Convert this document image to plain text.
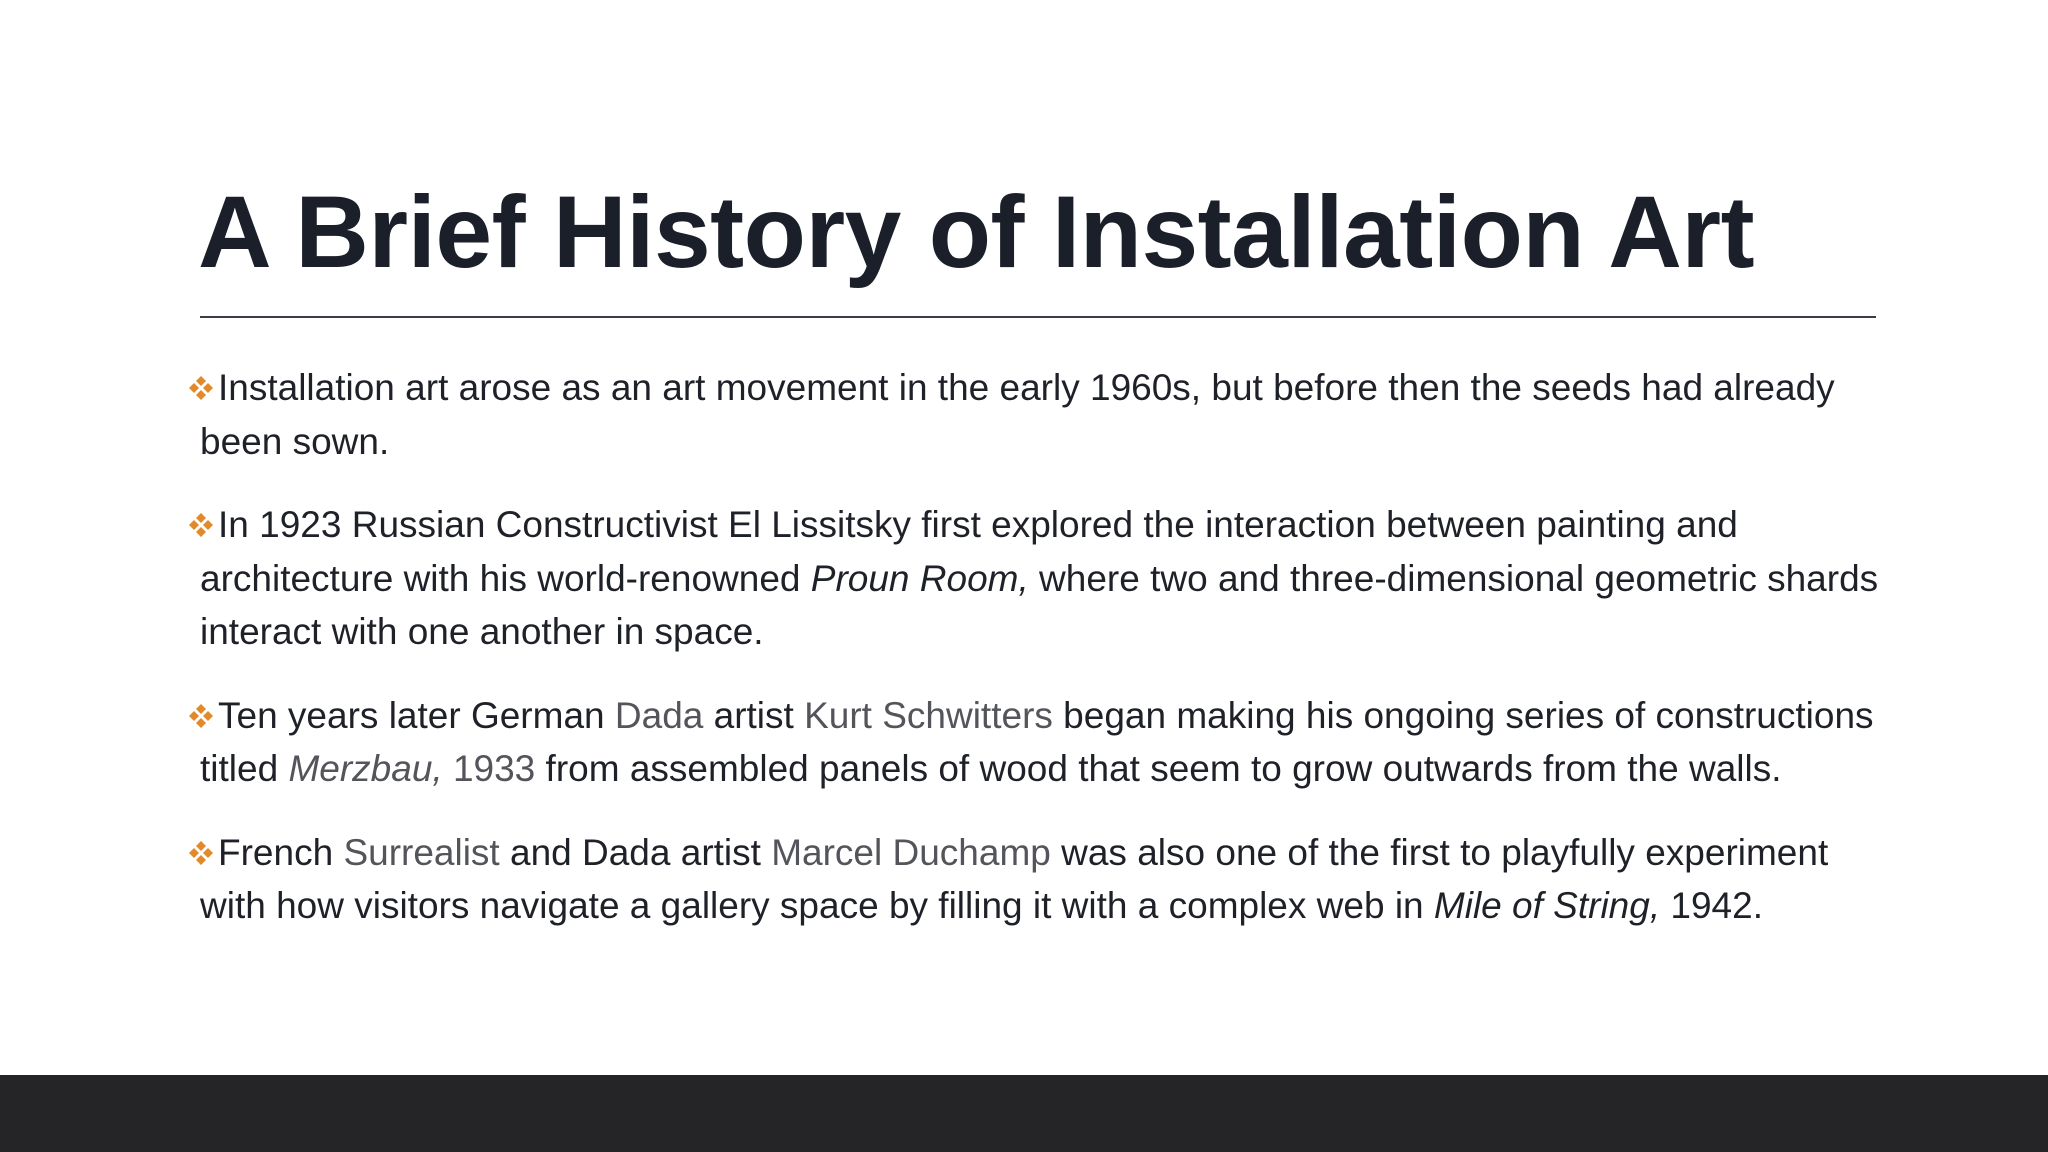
A Brief History of Installation Art
Installation art arose as an art movement in the early 1960s, but before then the seeds had already been sown.
In 1923 Russian Constructivist El Lissitsky first explored the interaction between painting and architecture with his world-renowned Proun Room, where two and three-dimensional geometric shards interact with one another in space.
Ten years later German Dada artist Kurt Schwitters began making his ongoing series of constructions titled Merzbau, 1933 from assembled panels of wood that seem to grow outwards from the walls.
French Surrealist and Dada artist Marcel Duchamp was also one of the first to playfully experiment with how visitors navigate a gallery space by filling it with a complex web in Mile of String, 1942.
